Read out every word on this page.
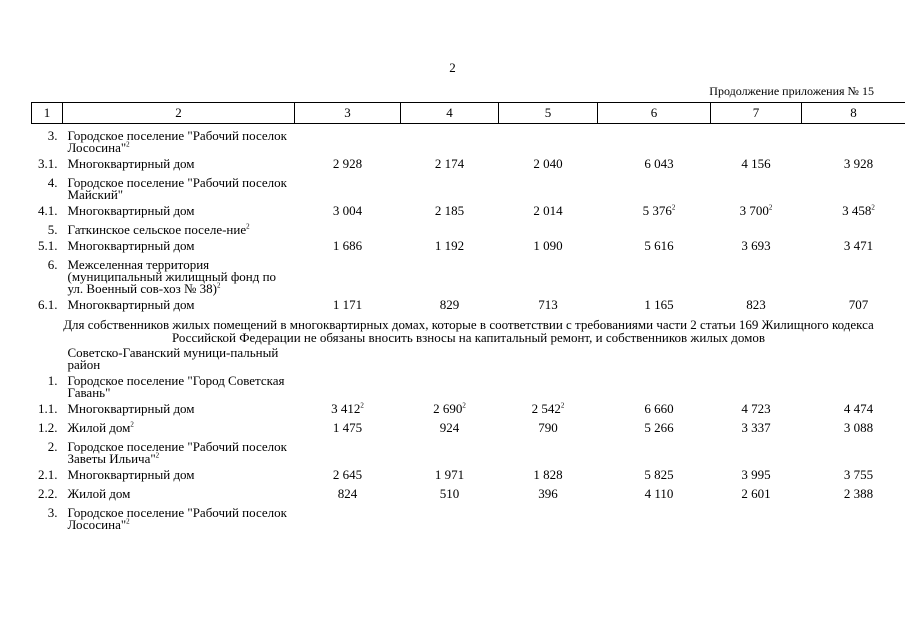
2
Продолжение приложения № 15
1	2	3	4	5	6	7	8

3.	Городское поселение "Рабочий поселок Лососина"$^2$						
3.1.	Многоквартирный дом	2 928	2 174	2 040	6 043	4 156	3 928
4.	Городское поселение "Рабочий поселок Майский"						
4.1.	Многоквартирный дом	3 004	2 185	2 014	5 $376^2$	3 $700^2$	3 $458^2$
5.	Гаткинское сельское поселе-ние$^2$						
5.1.	Многоквартирный дом	1 686	1 192	1 090	5 616	3 693	3 471
6.	Межселенная территория (муниципальный жилищный фонд по ул. Военный сов-хоз № 38)$^2$						
6.1.	Многоквартирный дом	1 171	829	713	1 165	823	707
Для собственников жилых помещений в многоквартирных домах, которые в соответствии с требованиями части 2 статьи 169 Жилищного кодекса Российской Федерации не обязаны вносить взносы на капитальный ремонт, и собственников жилых домов							
	Советско-Гаванский муници-пальный район						
1.	Городское поселение "Город Советская Гавань"						
1.1.	Многоквартирный дом	3 $412^2$	2 $690^2$	2 $542^2$	6 660	4 723	4 474
1.2.	Жилой дом$^2$	1 475	924	790	5 266	3 337	3 088
2.	Городское поселение "Рабочий поселок Заветы Ильича"$^2$						
2.1.	Многоквартирный дом	2 645	1 971	1 828	5 825	3 995	3 755
2.2.	Жилой дом	824	510	396	4 110	2 601	2 388
3.	Городское поселение "Рабочий поселок Лососина"$^2$						
